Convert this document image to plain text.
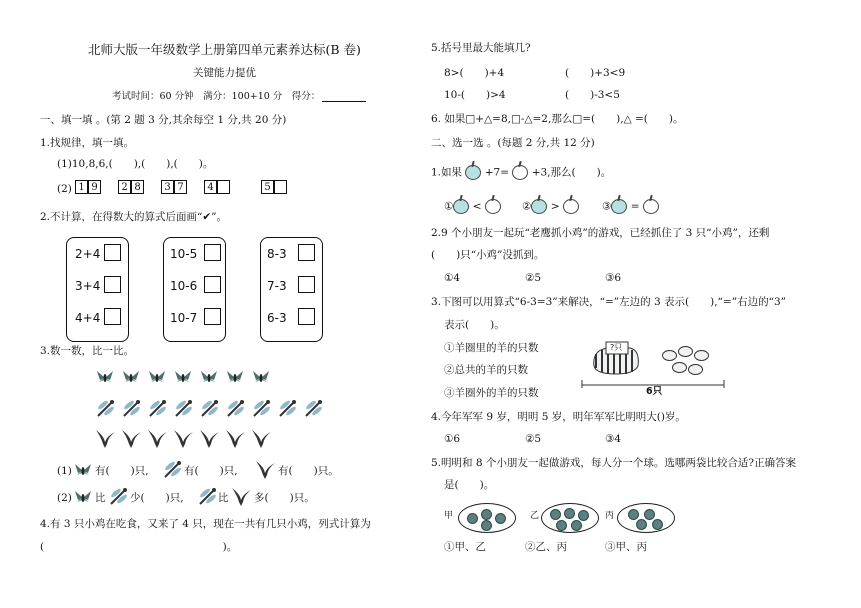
北师大版一年级数学上册第四单元素养达标(B 卷)
关键能力提优
考试时间：60 分钟　满分：100+10 分　得分：
一、填一填 。(第 2 题 3 分,其余每空 1 分,共 20 分)
1.找规律，填一填。
(1)10,8,6,(　　),(　　),(　　)。
(2) 1 9	2 8	3 7	4	5
2.不计算，在得数大的算式后面画“✔”。
2+4
3+4
4+4
10-5
10-6
10-7
8-3
7-3
6-3
3.数一数，比一比。
(1) 有(　　)只,	有(　　)只,	有(　　)只。
(2) 比 少(　　)只,	比 多(　　)只。
4.有 3 只小鸡在吃食，又来了 4 只，现在一共有几只小鸡，列式计算为
(　　　　　　　　　　　　　　　　　)。
5.括号里最大能填几?
8>(　　)+4	(　　)+3<9
10-(　　)>4	(　　)-3<5
6. 如果□+△=8,□-△=2,那么□=(　　),△ =(　　)。
二、选一选 。(每题 2 分,共 12 分)
1.如果 +7= +3,那么(　　)。
① <	② >	③ =
2.9 个小朋友一起玩“老鹰抓小鸡”的游戏，已经抓住了 3 只“小鸡”，还剩
(　　)只“小鸡”没抓到。
①4	②5	③6
3.下图可以用算式“6-3=3”来解决，“=”左边的 3 表示(　　),“=”右边的“3”
表示(　　)。
①羊圈里的羊的只数
②总共的羊的只数
③羊圈外的羊的只数
?只
6只
4.今年军军 9 岁，明明 5 岁，明年军军比明明大()岁。
①6	②5	③4
5.明明和 8 个小朋友一起做游戏，每人分一个球。选哪两袋比较合适?正确答案
是(　　)。
甲	乙	丙
①甲、乙	②乙、丙	③甲、丙
